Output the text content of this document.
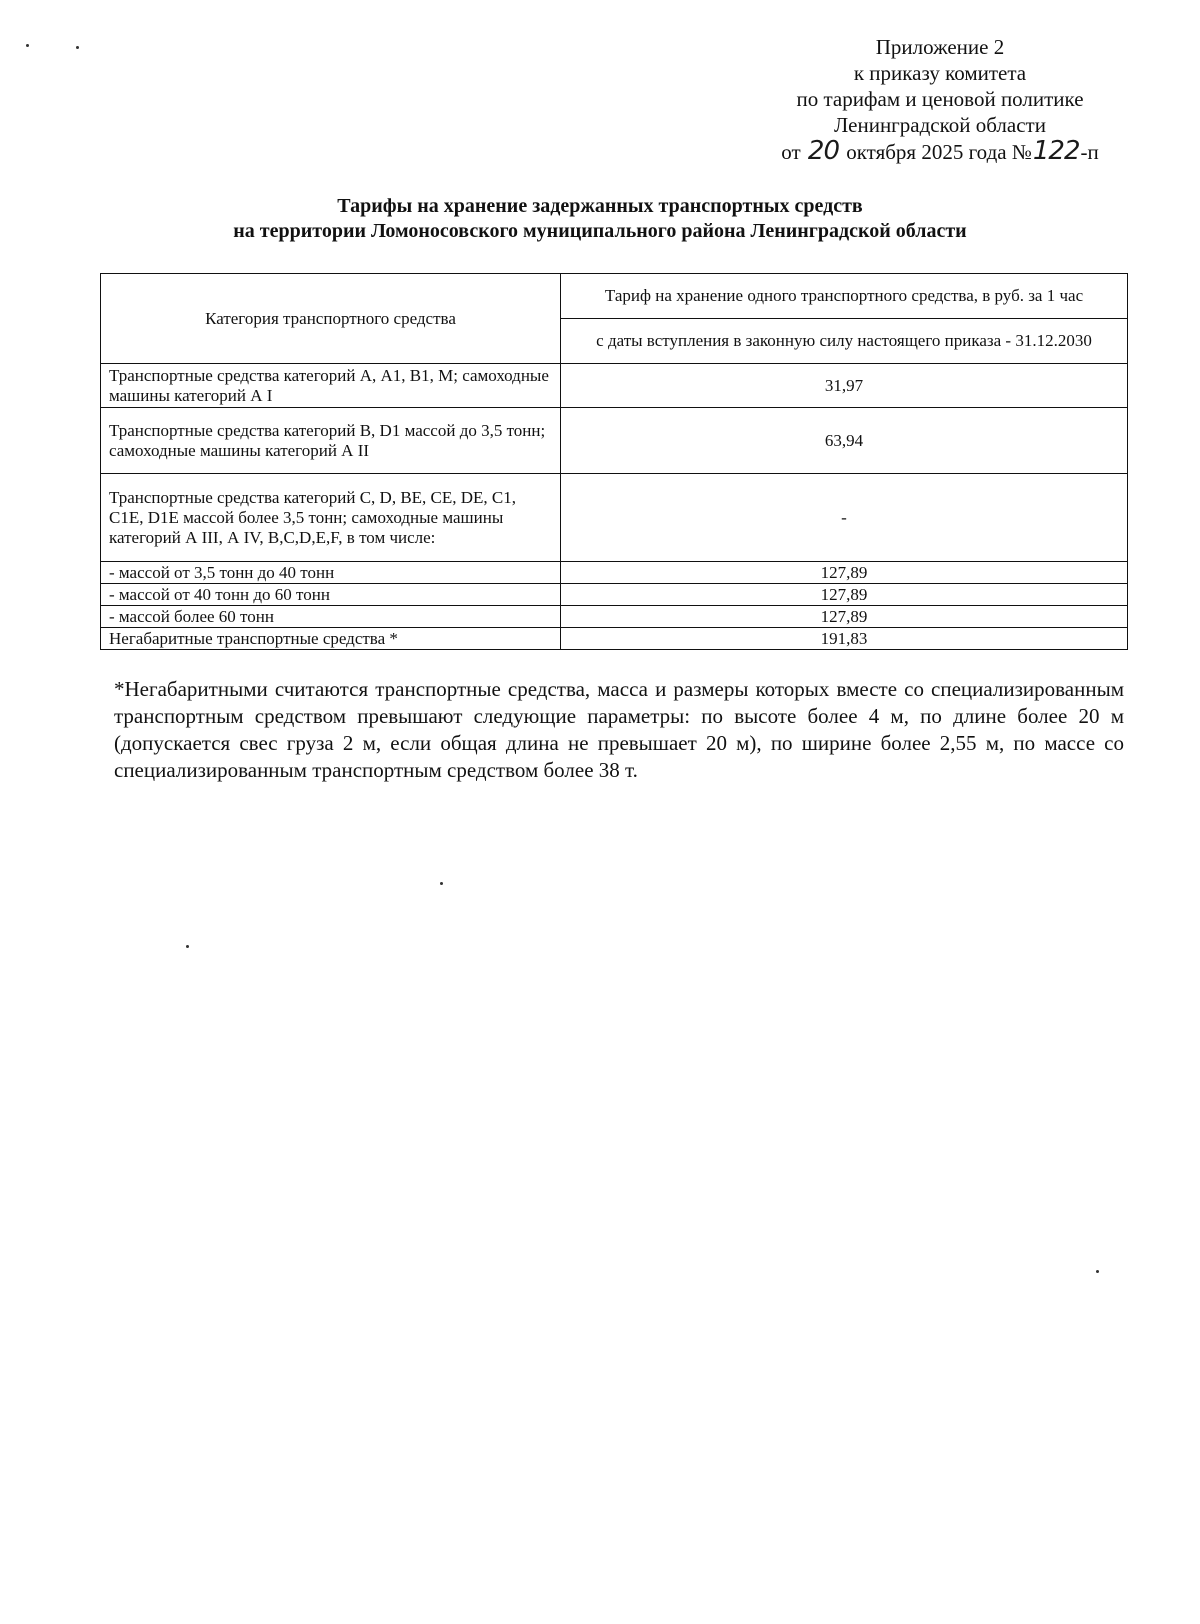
Приложение 2
к приказу комитета
по тарифам и ценовой политике
Ленинградской области
от 20 октября 2025 года №122-п
Тарифы на хранение задержанных транспортных средств
на территории Ломоносовского муниципального района Ленинградской области
Категория транспортного средства	Тариф на хранение одного транспортного средства, в руб. за 1 час
	с даты вступления в законную силу настоящего приказа - 31.12.2030
Транспортные средства категорий А, А1, В1, М; самоходные машины категорий А I	31,97
Транспортные средства категорий В, D1 массой до 3,5 тонн; самоходные машины категорий А II	63,94
Транспортные средства категорий С, D, ВЕ, СЕ, DE, С1, С1Е, D1E массой более 3,5 тонн; самоходные машины категорий А III, А IV, B,C,D,E,F, в том числе:	-
- массой от 3,5 тонн до 40 тонн	127,89
- массой от 40 тонн до 60 тонн	127,89
- массой более 60 тонн	127,89
Негабаритные транспортные средства *	191,83
*Негабаритными считаются транспортные средства, масса и размеры которых вместе со специализированным транспортным средством превышают следующие параметры: по высоте более 4 м, по длине более 20 м (допускается свес груза 2 м, если общая длина не превышает 20 м), по ширине более 2,55 м, по массе со специализированным транспортным средством более 38 т.
